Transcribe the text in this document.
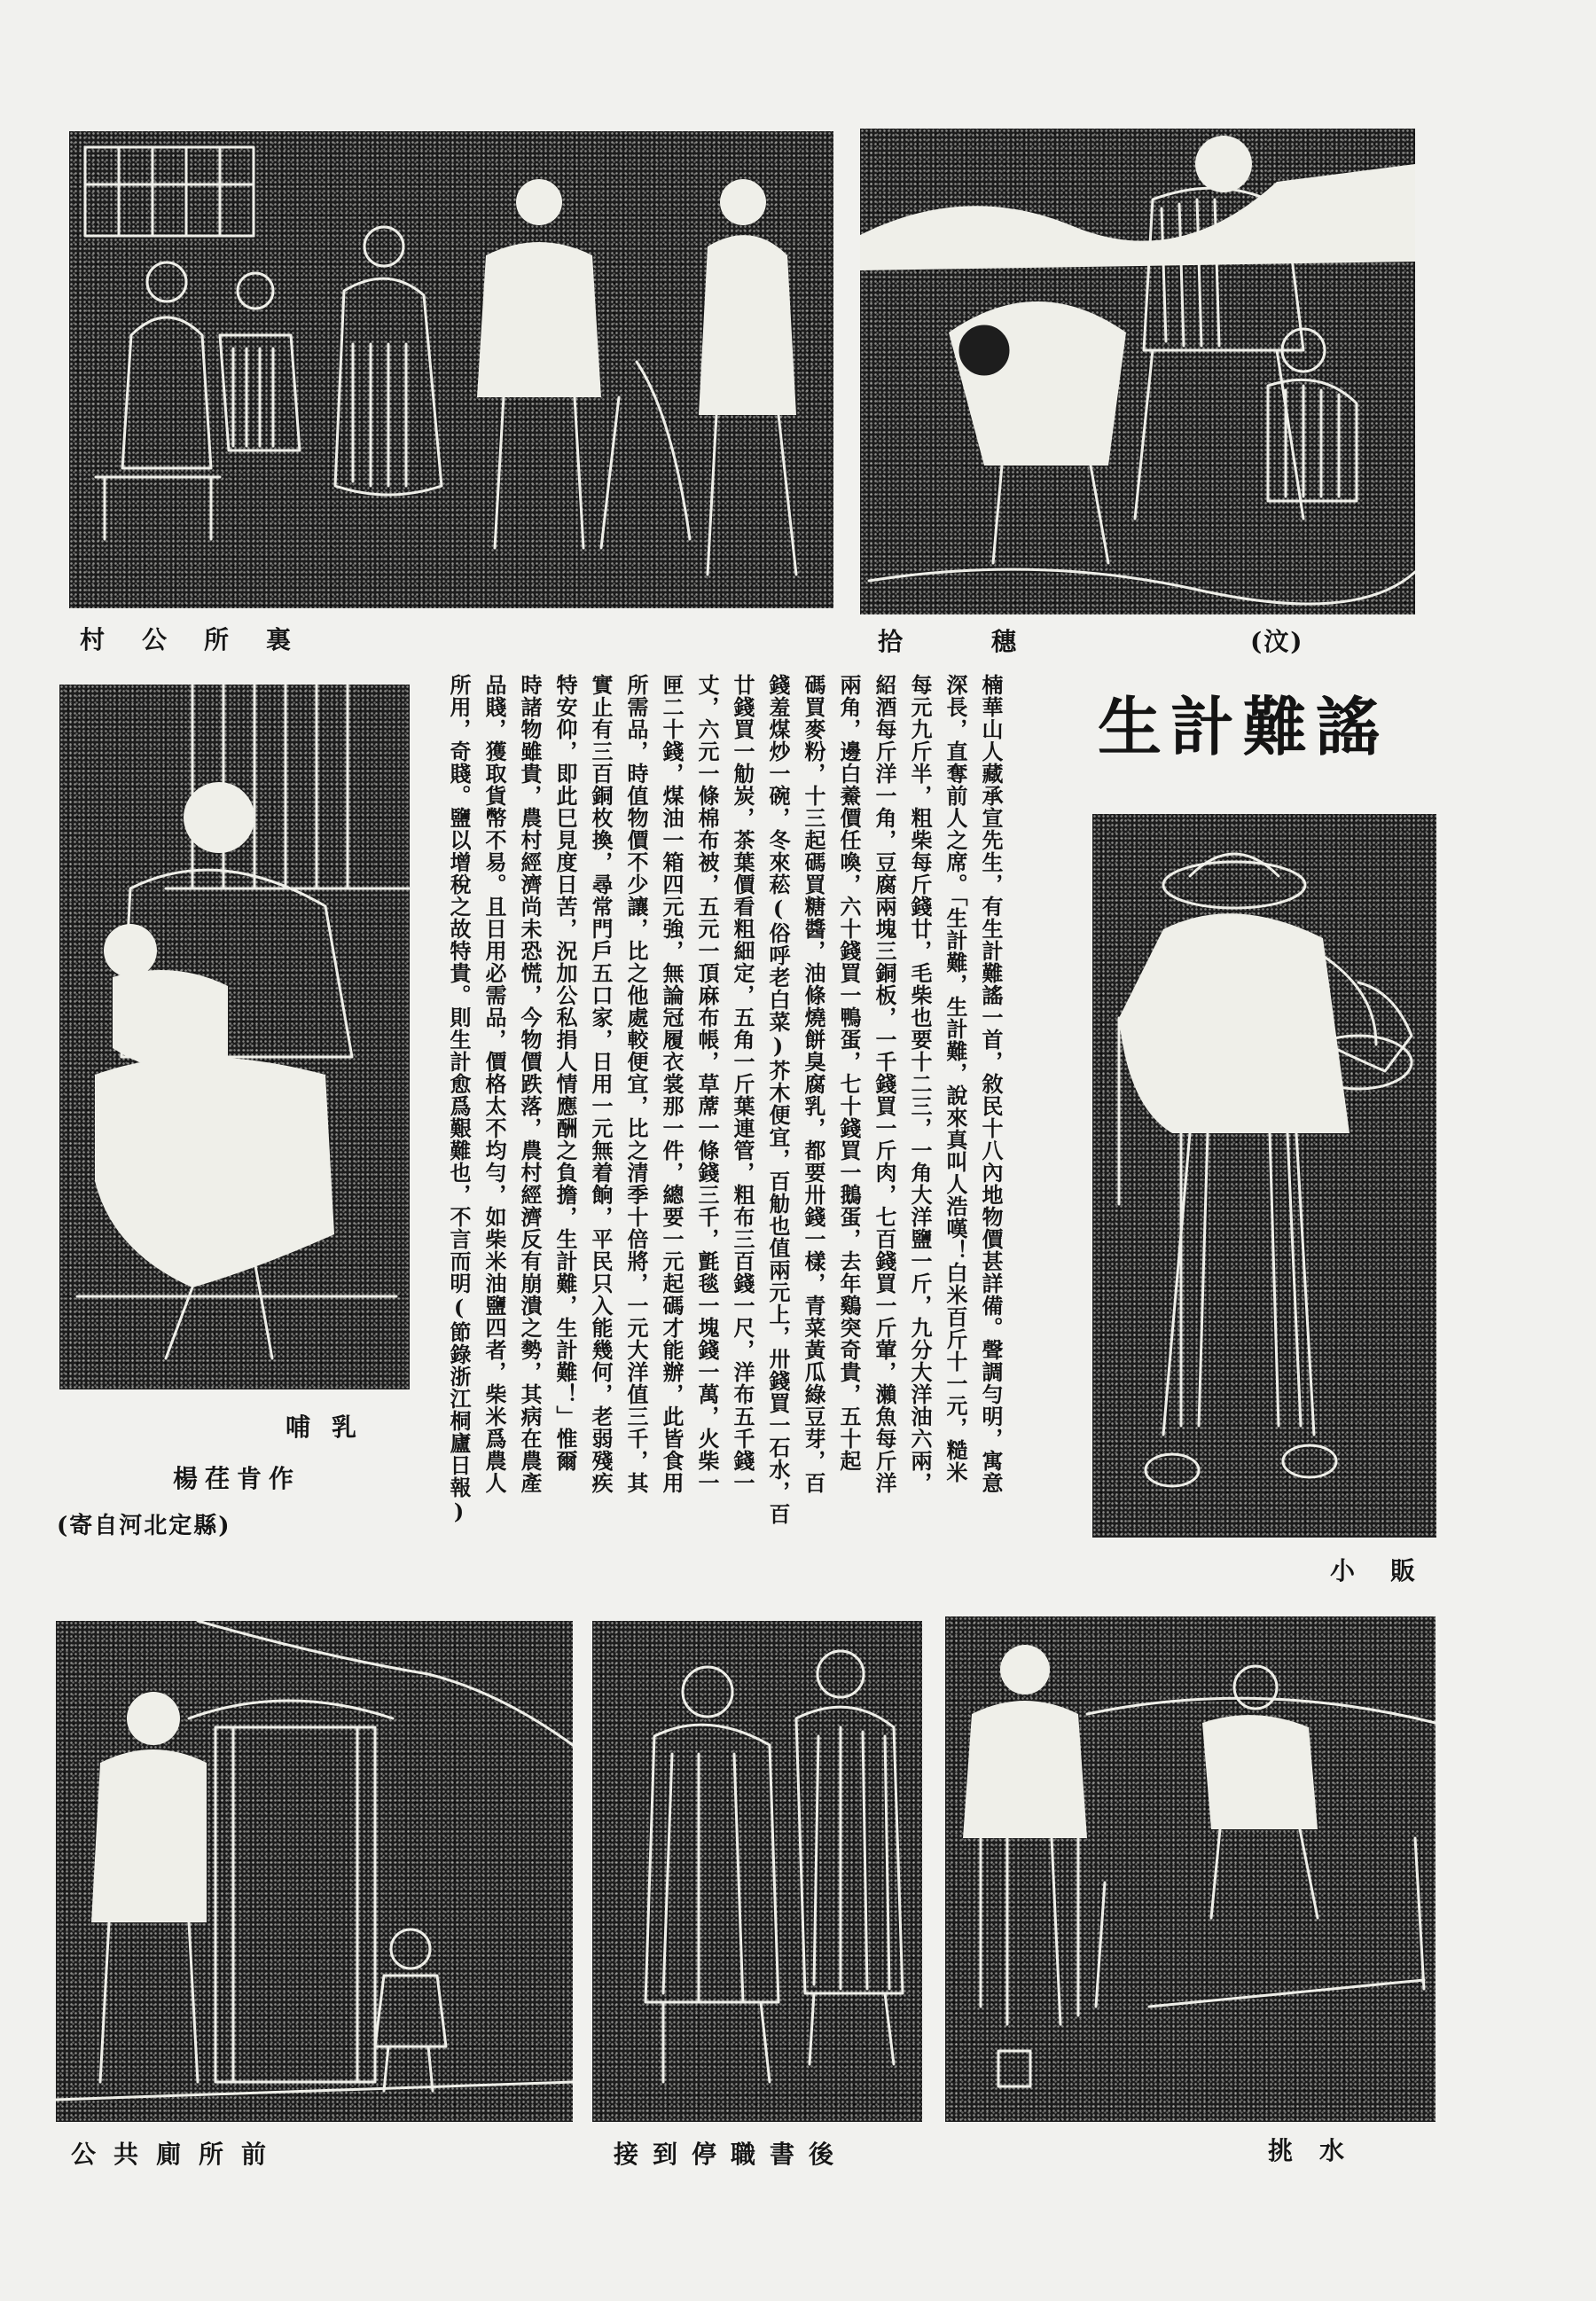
村公所裏	拾穗	(汶)
哺乳
楊荏肯作
(寄自河北定縣)
小販
公共廁所前	接到停職書後	挑水
生計難謠
楠華山人藏承宣先生，有生計難謠一首，敘民十八內地物價甚詳備。聲調勻明，寓意
深長，直奪前人之席。「生計難，生計難，說來真叫人浩嘆！白米百斤十一元，糙米
每元九斤半，粗柴每斤錢廿，毛柴也要十二三，一角大洋鹽一斤，九分大洋油六兩，
紹酒每斤洋一角，豆腐兩塊三銅板，一千錢買一斤肉，七百錢買一斤葷，瀨魚每斤洋
兩角，邊白鯗價任喚，六十錢買一鴨蛋，七十錢買一鵝蛋，去年鷄突奇貴，五十起
碼買麥粉，十三起碼買糖醬，油條燒餅臭腐乳，都要卅錢一樣，青菜黃瓜綠豆芽，百
錢羞煤炒一碗，冬來菘(俗呼老白菜)芥木便宜，百觔也值兩元上，卅錢買一石水，百
廿錢買一觔炭，茶葉價看粗細定，五角一斤葉連管，粗布三百錢一尺，洋布五千錢一
丈，六元一條棉布被，五元一頂麻布帳，草蓆一條錢三千，氈毯一塊錢一萬，火柴一
匣二十錢，煤油一箱四元強，無論冠履衣裳那一件，總要一元起碼才能辦，此皆食用
所需品，時值物價不少讓，比之他處較便宜，比之清季十倍將，一元大洋值三千，其
實止有三百銅枚換，尋常門戶五口家，日用一元無着餉，平民只入能幾何，老弱殘疾
特安仰，即此巳見度日苦，況加公私捐人情應酬之負擔，生計難，生計難！」惟爾
時諸物雖貴，農村經濟尚未恐慌，今物價跌落，農村經濟反有崩潰之勢，其病在農產
品賤，獲取貨幣不易。且日用必需品，價格太不均勻，如柴米油鹽四者，柴米爲農人
所用，奇賤。鹽以增稅之故特貴。則生計愈爲艱難也，不言而明(節錄浙江桐廬日報)
